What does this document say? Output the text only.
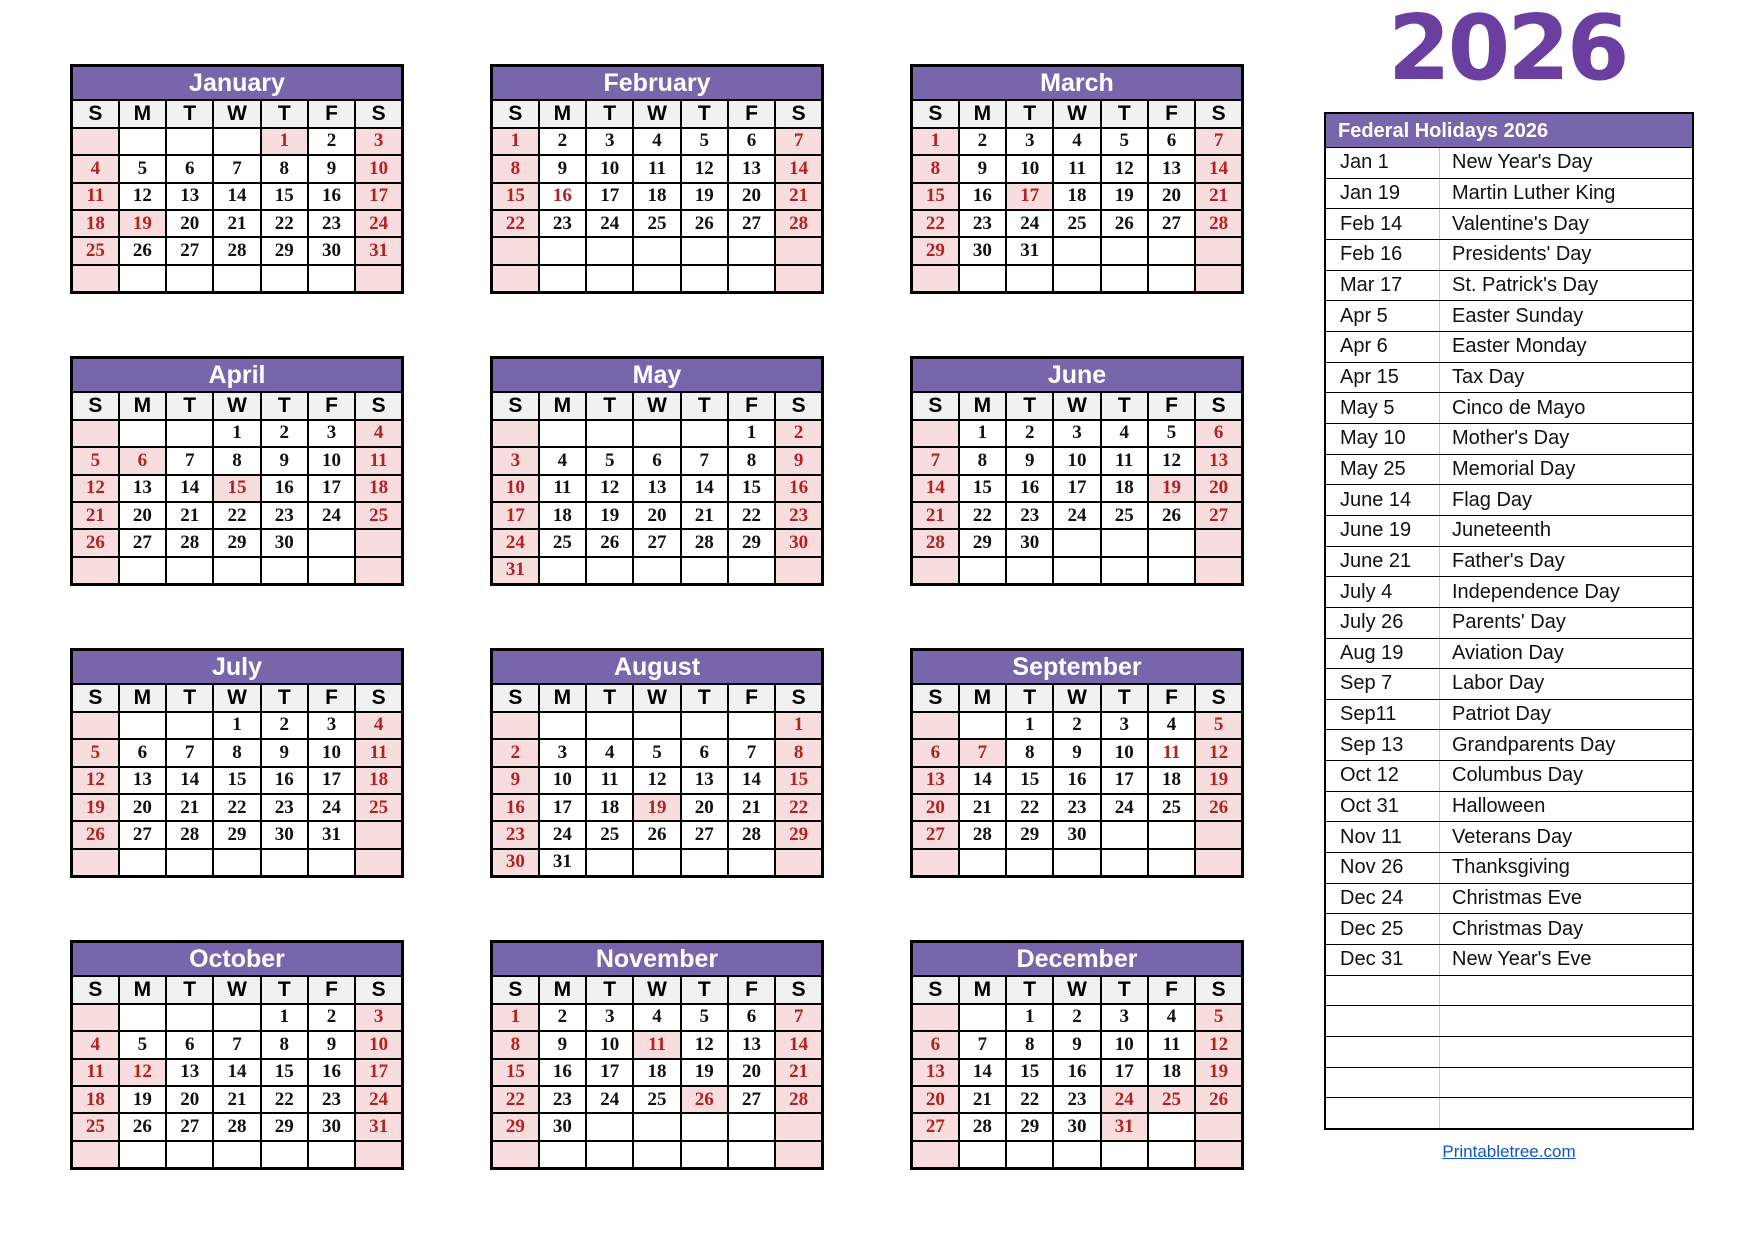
2026
January						
S	M	T	W	T	F	S
				1	2	3
4	5	6	7	8	9	10
11	12	13	14	15	16	17
18	19	20	21	22	23	24
25	26	27	28	29	30	31

February						
S	M	T	W	T	F	S
1	2	3	4	5	6	7
8	9	10	11	12	13	14
15	16	17	18	19	20	21
22	23	24	25	26	27	28

March						
S	M	T	W	T	F	S
1	2	3	4	5	6	7
8	9	10	11	12	13	14
15	16	17	18	19	20	21
22	23	24	25	26	27	28
29	30	31				

April						
S	M	T	W	T	F	S
			1	2	3	4
5	6	7	8	9	10	11
12	13	14	15	16	17	18
21	20	21	22	23	24	25
26	27	28	29	30		

May						
S	M	T	W	T	F	S
					1	2
3	4	5	6	7	8	9
10	11	12	13	14	15	16
17	18	19	20	21	22	23
24	25	26	27	28	29	30
31						
June						
S	M	T	W	T	F	S
	1	2	3	4	5	6
7	8	9	10	11	12	13
14	15	16	17	18	19	20
21	22	23	24	25	26	27
28	29	30				

July						
S	M	T	W	T	F	S
			1	2	3	4
5	6	7	8	9	10	11
12	13	14	15	16	17	18
19	20	21	22	23	24	25
26	27	28	29	30	31	

August						
S	M	T	W	T	F	S
						1
2	3	4	5	6	7	8
9	10	11	12	13	14	15
16	17	18	19	20	21	22
23	24	25	26	27	28	29
30	31					
September						
S	M	T	W	T	F	S
		1	2	3	4	5
6	7	8	9	10	11	12
13	14	15	16	17	18	19
20	21	22	23	24	25	26
27	28	29	30			

October						
S	M	T	W	T	F	S
				1	2	3
4	5	6	7	8	9	10
11	12	13	14	15	16	17
18	19	20	21	22	23	24
25	26	27	28	29	30	31

November						
S	M	T	W	T	F	S
1	2	3	4	5	6	7
8	9	10	11	12	13	14
15	16	17	18	19	20	21
22	23	24	25	26	27	28
29	30					

December						
S	M	T	W	T	F	S
		1	2	3	4	5
6	7	8	9	10	11	12
13	14	15	16	17	18	19
20	21	22	23	24	25	26
27	28	29	30	31		

Federal Holidays 2026
Jan 1	New Year's Day
Jan 19	Martin Luther King
Feb 14	Valentine's Day
Feb 16	Presidents' Day
Mar 17	St. Patrick's Day
Apr 5	Easter Sunday
Apr 6	Easter Monday
Apr 15	Tax Day
May 5	Cinco de Mayo
May 10	Mother's Day
May 25	Memorial Day
June 14	Flag Day
June 19	Juneteenth
June 21	Father's Day
July 4	Independence Day
July 26	Parents' Day
Aug 19	Aviation Day
Sep 7	Labor Day
Sep11	Patriot Day
Sep 13	Grandparents Day
Oct 12	Columbus Day
Oct 31	Halloween
Nov 11	Veterans Day
Nov 26	Thanksgiving
Dec 24	Christmas Eve
Dec 25	Christmas Day
Dec 31	New Year's Eve
Printabletree.com
